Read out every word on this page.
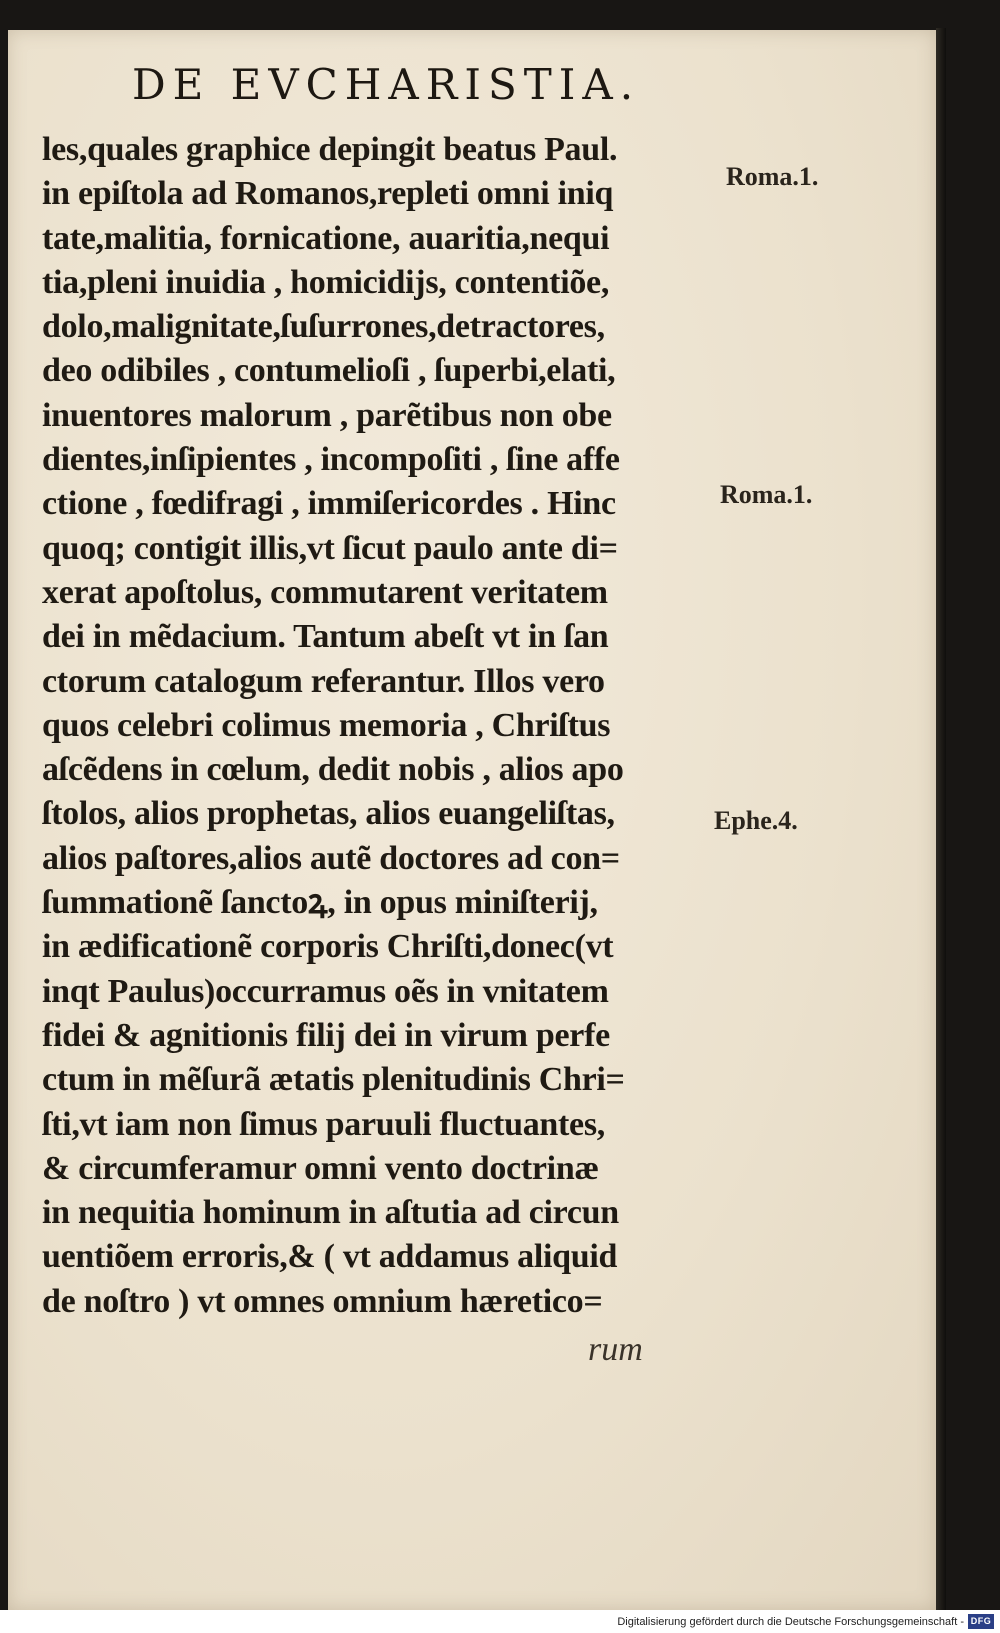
DE EVCHARISTIA.
les,quales graphice depingit beatus Paul.
in epiſtola ad Romanos,repleti omni iniq
tate,malitia, fornicatione, auaritia,nequi
tia,pleni inuidia , homicidijs, contentiõe,
dolo,malignitate,ſuſurrones,detractores,
deo odibiles , contumelioſi , ſuperbi,elati,
inuentores malorum , parẽtibus non obe
dientes,inſipientes , incompoſiti , ſine affe
ctione , fœdifragi , immiſericordes . Hinc
quoq; contigit illis,vt ſicut paulo ante di=
xerat apoſtolus, commutarent veritatem
dei in mẽdacium. Tantum abeſt vt in ſan
ctorum catalogum referantur. Illos vero
quos celebri colimus memoria , Chriſtus
aſcẽdens in cœlum, dedit nobis , alios apo
ſtolos, alios prophetas, alios euangeliſtas,
alios paſtores,alios autẽ doctores ad con=
ſummationẽ ſanctoꝝ, in opus miniſterij,
in ædificationẽ corporis Chriſti,donec(vt
inqt Paulus)occurramus oẽs in vnitatem
fidei & agnitionis filij dei in virum perfe
ctum in mẽſurã ætatis plenitudinis Chri=
ſti,vt iam non ſimus paruuli fluctuantes,
& circumferamur omni vento doctrinæ
in nequitia hominum in aſtutia ad circun
uentiõem erroris,& ( vt addamus aliquid
de noſtro ) vt omnes omnium hæretico=
rum
Roma.1.
Roma.1.
Ephe.4.
Digitalisierung gefördert durch die Deutsche Forschungsgemeinschaft - DFG
